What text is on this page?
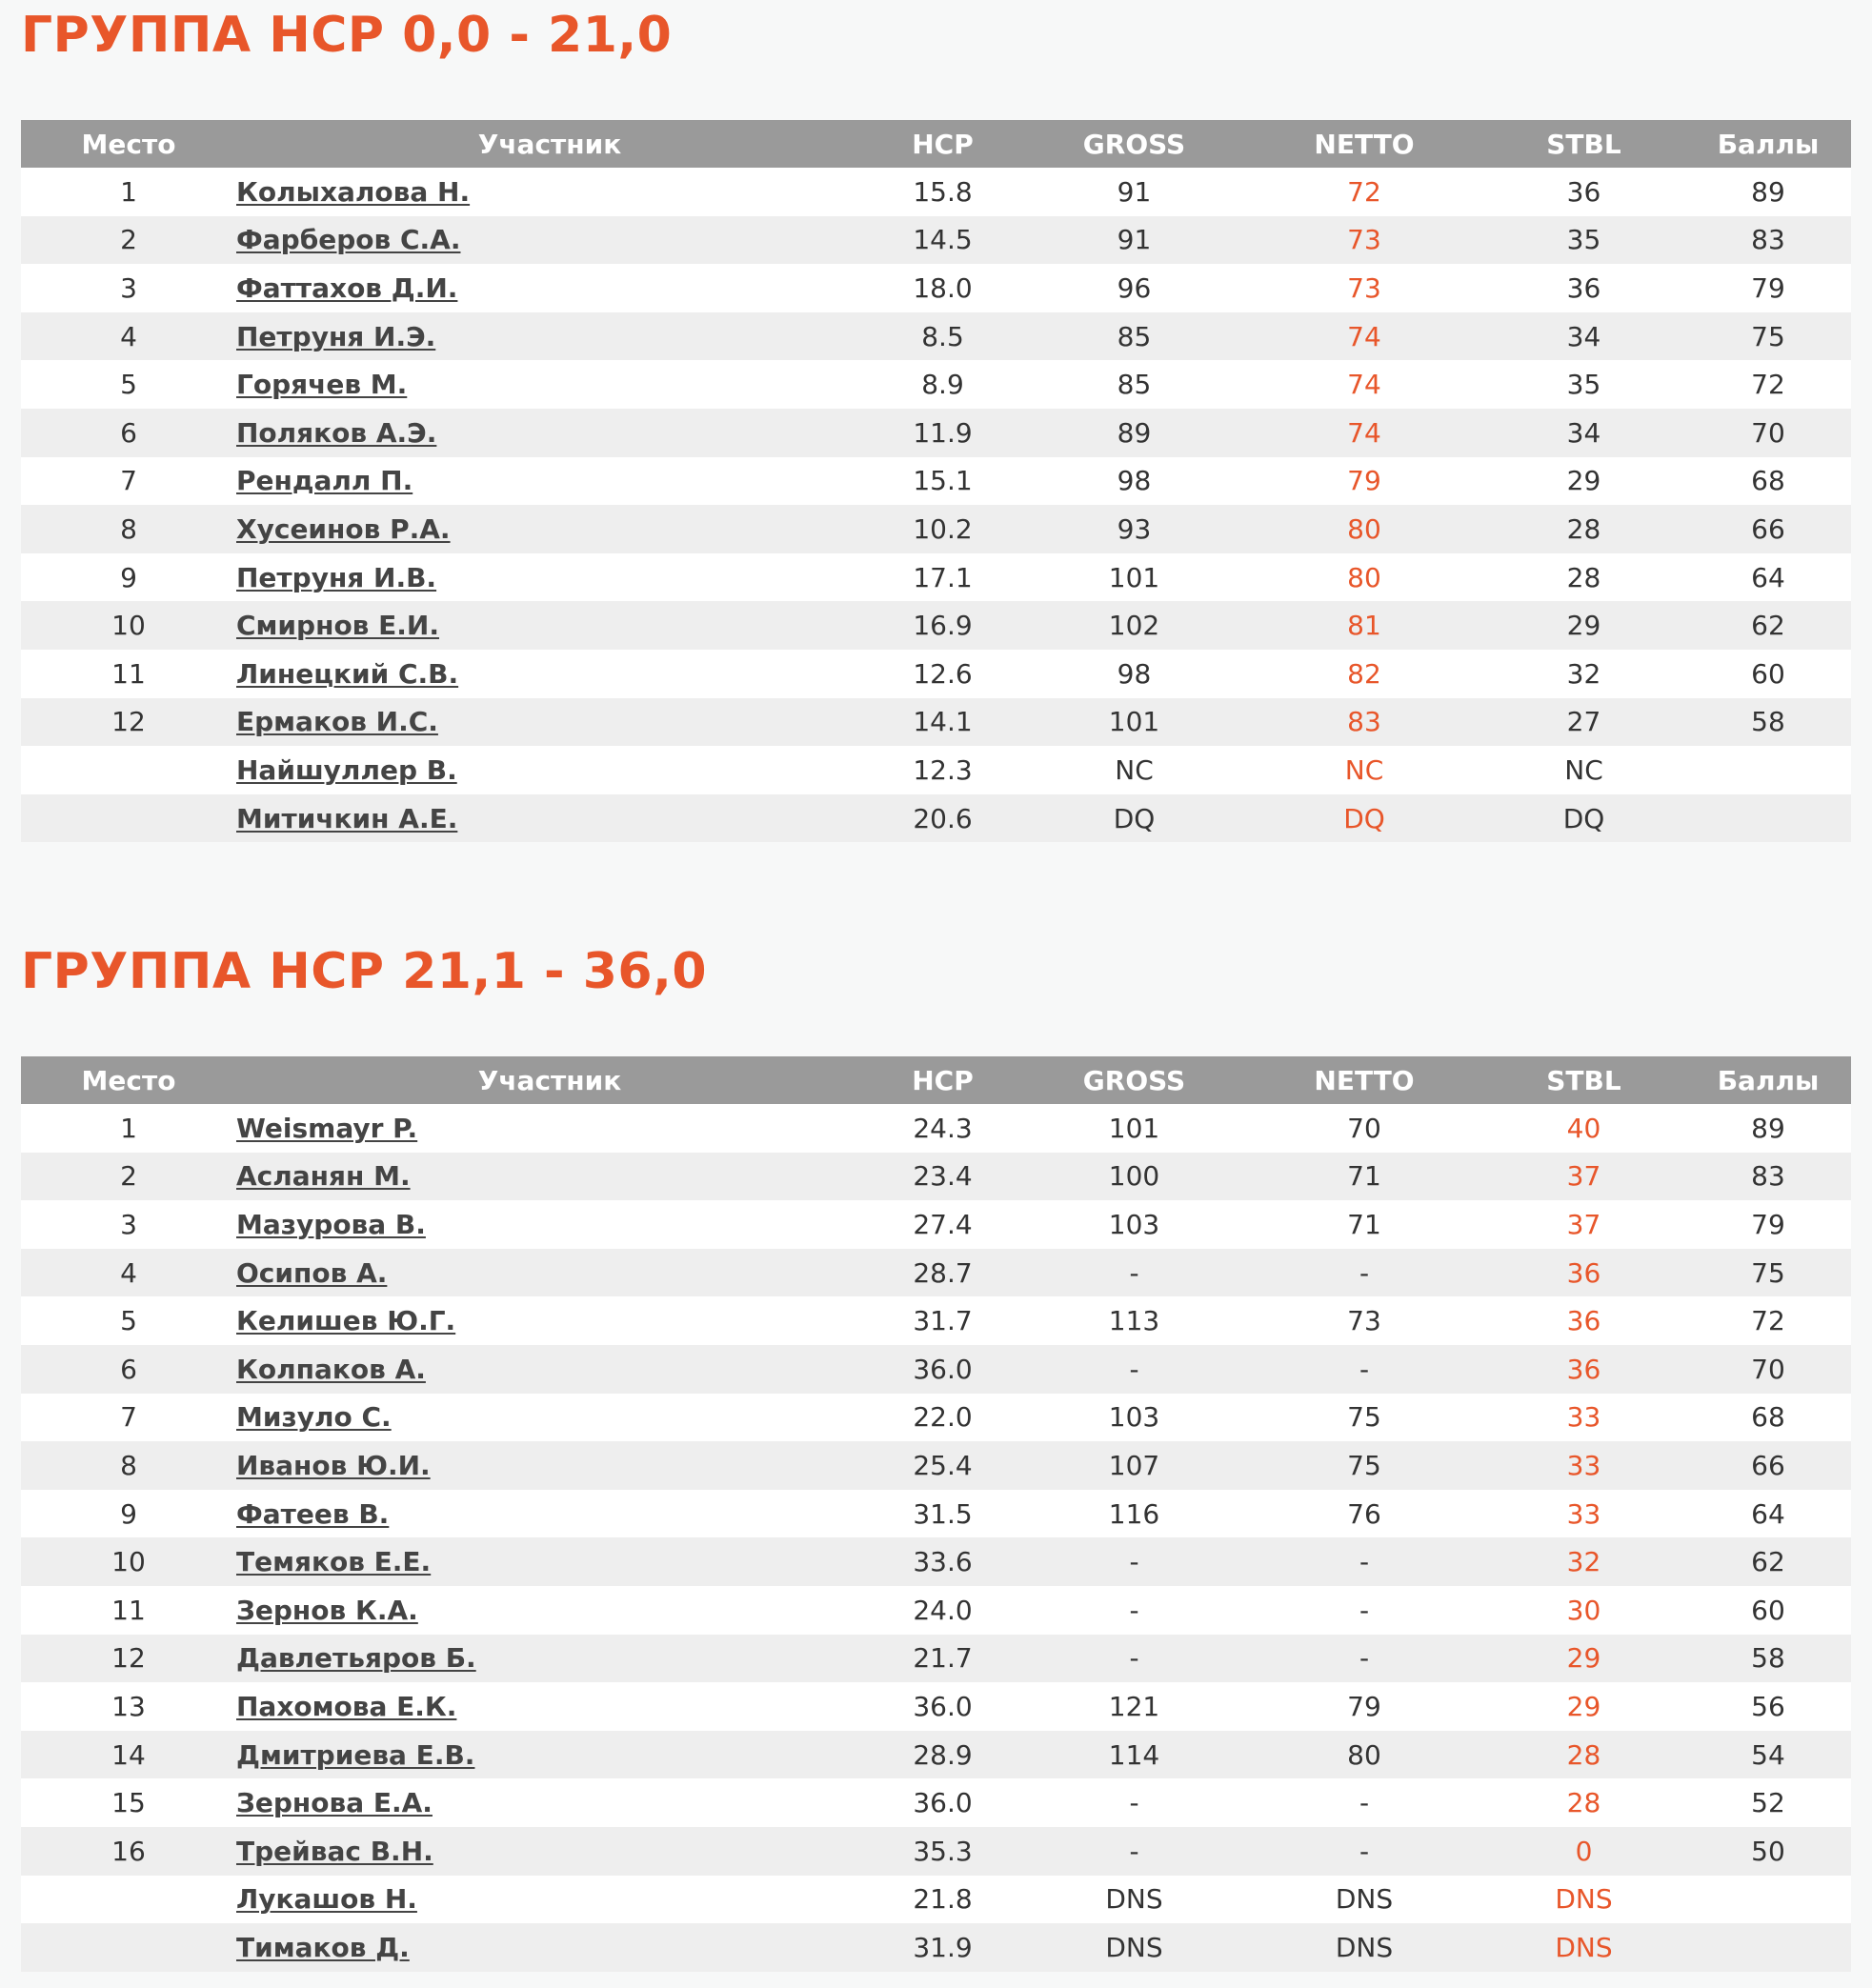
ГРУППА HCP 0,0 - 21,0
Место	Участник	HCP	GROSS	NETTO	STBL	Баллы
1	Колыхалова Н.	15.8	91	72	36	89
2	Фарберов С.А.	14.5	91	73	35	83
3	Фаттахов Д.И.	18.0	96	73	36	79
4	Петруня И.Э.	8.5	85	74	34	75
5	Горячев М.	8.9	85	74	35	72
6	Поляков А.Э.	11.9	89	74	34	70
7	Рендалл П.	15.1	98	79	29	68
8	Хусеинов Р.А.	10.2	93	80	28	66
9	Петруня И.В.	17.1	101	80	28	64
10	Смирнов Е.И.	16.9	102	81	29	62
11	Линецкий С.В.	12.6	98	82	32	60
12	Ермаков И.С.	14.1	101	83	27	58
	Найшуллер В.	12.3	NC	NC	NC	
	Митичкин А.Е.	20.6	DQ	DQ	DQ	
ГРУППА HCP 21,1 - 36,0
Место	Участник	HCP	GROSS	NETTO	STBL	Баллы
1	Weismayr P.	24.3	101	70	40	89
2	Асланян М.	23.4	100	71	37	83
3	Мазурова В.	27.4	103	71	37	79
4	Осипов А.	28.7	-	-	36	75
5	Келишев Ю.Г.	31.7	113	73	36	72
6	Колпаков А.	36.0	-	-	36	70
7	Мизуло С.	22.0	103	75	33	68
8	Иванов Ю.И.	25.4	107	75	33	66
9	Фатеев В.	31.5	116	76	33	64
10	Темяков Е.Е.	33.6	-	-	32	62
11	Зернов К.А.	24.0	-	-	30	60
12	Давлетьяров Б.	21.7	-	-	29	58
13	Пахомова Е.К.	36.0	121	79	29	56
14	Дмитриева Е.В.	28.9	114	80	28	54
15	Зернова Е.А.	36.0	-	-	28	52
16	Трейвас В.Н.	35.3	-	-	0	50
	Лукашов Н.	21.8	DNS	DNS	DNS	
	Тимаков Д.	31.9	DNS	DNS	DNS	
